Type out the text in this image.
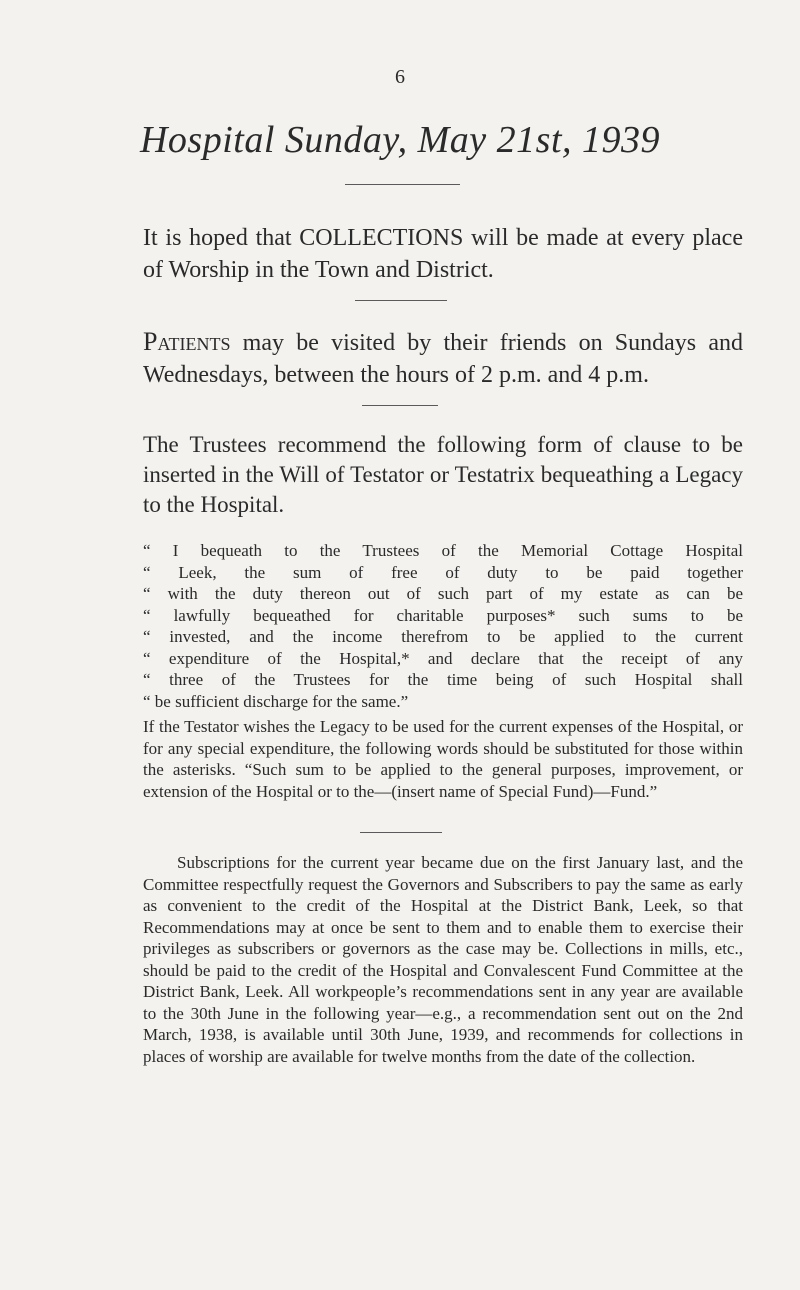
6
Hospital Sunday, May 21st, 1939
It is hoped that COLLECTIONS will be made at every place of Worship in the Town and District.
Patients may be visited by their friends on Sundays and Wednesdays, between the hours of 2 p.m. and 4 p.m.
The Trustees recommend the following form of clause to be inserted in the Will of Testator or Testatrix bequeathing a Legacy to the Hospital.
“ I bequeath to the Trustees of the Memorial Cottage Hospital
“ Leek, the sum of free of duty to be paid together
“ with the duty thereon out of such part of my estate as can be
“ lawfully bequeathed for charitable purposes* such sums to be
“ invested, and the income therefrom to be applied to the current
“ expenditure of the Hospital,* and declare that the receipt of any
“ three of the Trustees for the time being of such Hospital shall
“ be sufficient discharge for the same.”
If the Testator wishes the Legacy to be used for the current expenses of the Hospital, or for any special expenditure, the following words should be substituted for those within the asterisks. “Such sum to be applied to the general purposes, improvement, or extension of the Hospital or to the—(insert name of Special Fund)—Fund.”
Subscriptions for the current year became due on the first January last, and the Committee respectfully request the Governors and Subscribers to pay the same as early as convenient to the credit of the Hospital at the District Bank, Leek, so that Recommendations may at once be sent to them and to enable them to exercise their privileges as subscribers or governors as the case may be. Collections in mills, etc., should be paid to the credit of the Hospital and Convalescent Fund Committee at the District Bank, Leek. All workpeople’s recommendations sent in any year are available to the 30th June in the following year—e.g., a recommendation sent out on the 2nd March, 1938, is available until 30th June, 1939, and recommends for collections in places of worship are available for twelve months from the date of the collection.
